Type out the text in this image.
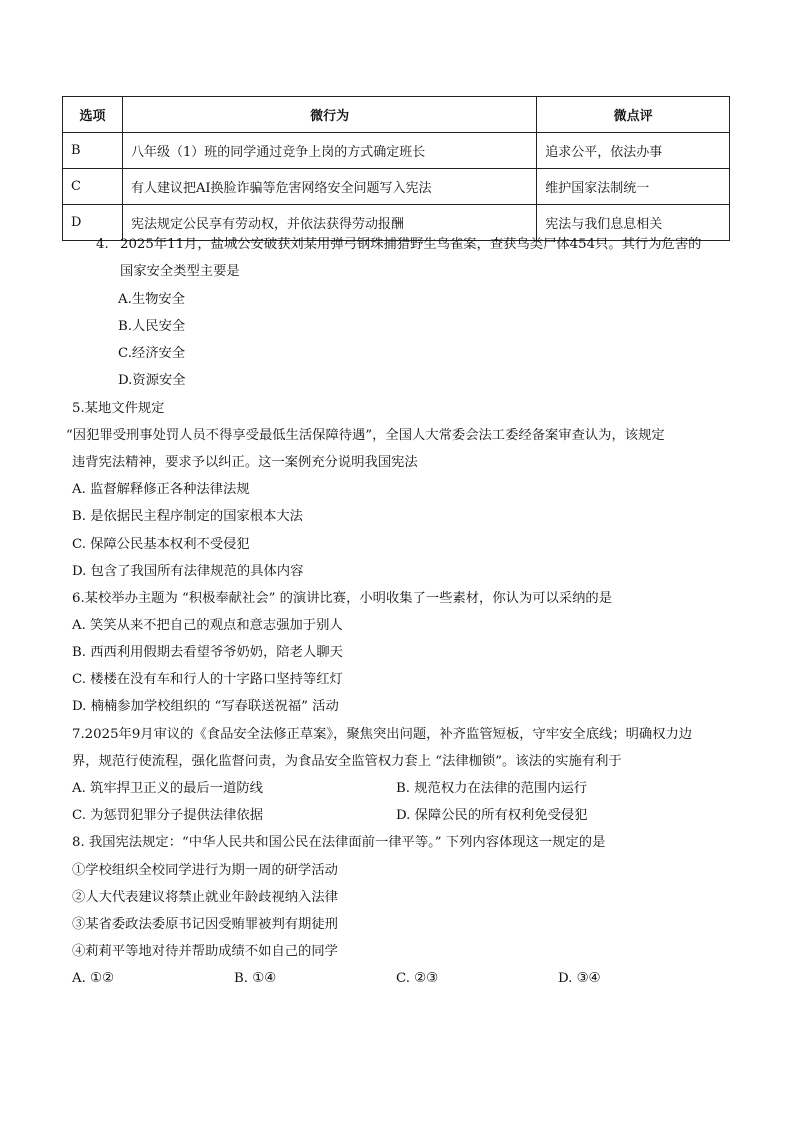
选项	微行为	微点评
B	八年级（1）班的同学通过竞争上岗的方式确定班长	追求公平，依法办事
C	有人建议把AI换脸诈骗等危害网络安全问题写入宪法	维护国家法制统一
D	宪法规定公民享有劳动权，并依法获得劳动报酬	宪法与我们息息相关
4. 2025年11月，盐城公安破获刘某用弹弓钢珠捕猎野生鸟雀案，查获鸟类尸体454只。其行为危害的
国家安全类型主要是
A.生物安全
B.人民安全
C.经济安全
D.资源安全
5.某地文件规定
“因犯罪受刑事处罚人员不得享受最低生活保障待遇”，全国人大常委会法工委经备案审查认为，该规定
违背宪法精神，要求予以纠正。这一案例充分说明我国宪法
A. 监督解释修正各种法律法规
B. 是依据民主程序制定的国家根本大法
C. 保障公民基本权利不受侵犯
D. 包含了我国所有法律规范的具体内容
6.某校举办主题为 “积极奉献社会” 的演讲比赛，小明收集了一些素材，你认为可以采纳的是
A. 笑笑从来不把自己的观点和意志强加于别人
B. 西西利用假期去看望爷爷奶奶，陪老人聊天
C. 楼楼在没有车和行人的十字路口坚持等红灯
D. 楠楠参加学校组织的 “写春联送祝福” 活动
7.2025年9月审议的《食品安全法修正草案》，聚焦突出问题，补齐监管短板，守牢安全底线；明确权力边
界，规范行使流程，强化监督问责，为食品安全监管权力套上 “法律枷锁”。该法的实施有利于
A. 筑牢捍卫正义的最后一道防线	B. 规范权力在法律的范围内运行
C. 为惩罚犯罪分子提供法律依据	D. 保障公民的所有权利免受侵犯
8. 我国宪法规定：“中华人民共和国公民在法律面前一律平等。” 下列内容体现这一规定的是
①学校组织全校同学进行为期一周的研学活动
②人大代表建议将禁止就业年龄歧视纳入法律
③某省委政法委原书记因受贿罪被判有期徒刑
④莉莉平等地对待并帮助成绩不如自己的同学
A. ①②	B. ①④	C. ②③	D. ③④
